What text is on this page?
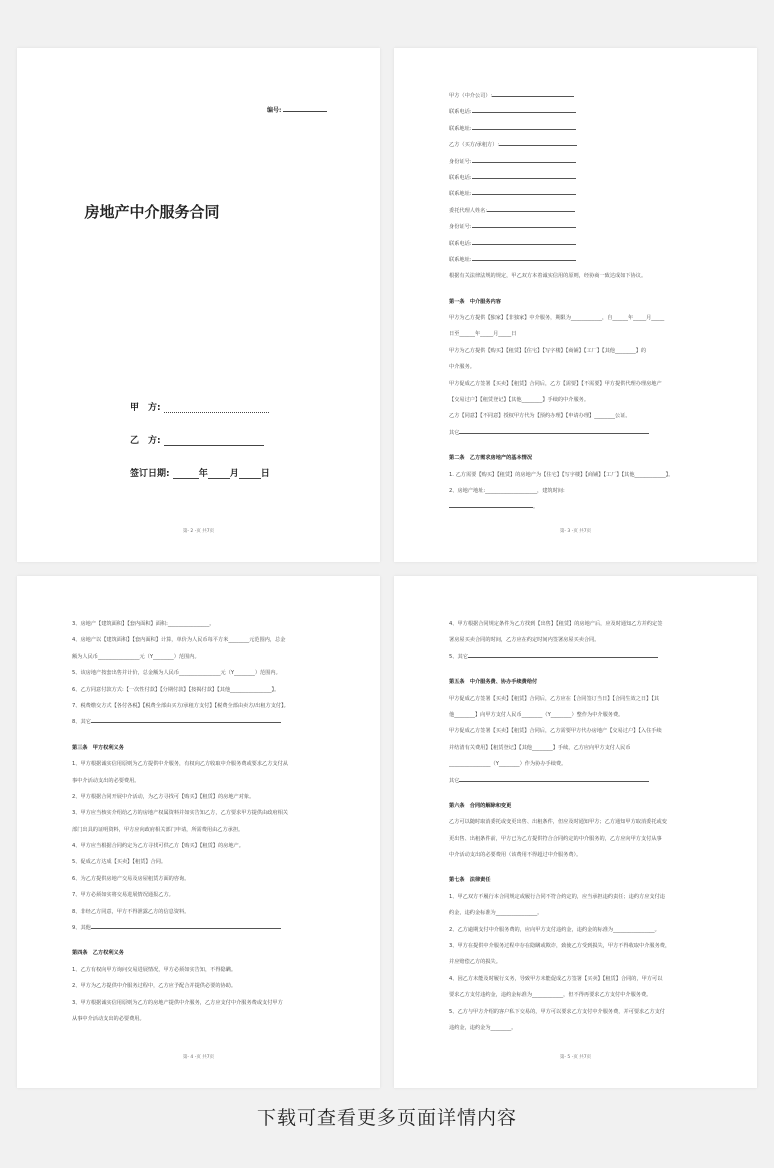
编号:
房地产中介服务合同
甲　方:
乙　方:
签订日期:	年 月 日
第- 2 -页 共7页
甲方（中介公司）:
联系电话:
联系地址:
乙方（买方/承租方）:
身份证号:
联系电话:
联系地址:
委托代理人姓名:
身份证号:
联系电话:
联系地址:
根据有关法律法规的规定，甲乙双方本着诚实信用的原则，经协商一致达成如下协议。
第一条　中介服务内容
甲方为乙方提供【独家】【非独家】中介服务，期限为____________，自______年_____月_____
日至______年_____月_____日
甲方为乙方提供【购买】【租赁】【住宅】【写字楼】【商铺】【工厂】【其他________】的
中介服务。
甲方促成乙方签署【买卖】【租赁】合同后，乙方【需要】【不需要】甲方提供代理办理房地产
【交易过户】【租赁登记】【其他________】手续的中介服务。
乙方【同意】【不同意】授权甲方代为【预约办理】【申请办理】________公证。
其它
第二条　乙方需求房地产的基本情况
1. 乙方需要【购买】【租赁】的房地产为【住宅】【写字楼】【商铺】【工厂】【其他____________】。
2、房地产地址:____________________，建筑时间:
。
第- 3 -页 共7页
3、房地产【建筑面积】【套内面积】面积:________________。
4、房地产以【建筑面积】【套内面积】计算，单价为人民币每平方米________元范围内，总金
额为人民币________________元（Y________）范围内。
5、该房地产按套出售并计价，总金额为人民币________________元（Y________）范围内。
6、乙方同意付款方式:【一次性付款】【分期付款】【按揭付款】【其他________________】。
7、税费缴交方式【各付各税】【税费全部由买方/承租方支付】【税费全部由卖方/出租方支付】。
8、其它
第三条　甲方权利义务
1、甲方根据诚实信用原则为乙方提供中介服务，有权向乙方收取中介服务费或要求乙方支付从
事中介活动支出的必要费用。
2、甲方根据合同开展中介活动，为乙方寻找可【购买】【租赁】的房地产对象。
3、甲方应当核实介绍给乙方的房地产权属资料并如实告知乙方，乙方要求甲方提供由政府相关
部门出具的证明资料，甲方应向政府相关部门申请，所需费用由乙方承担。
4、甲方应当根据合同约定为乙方寻找可供乙方【购买】【租赁】的房地产。
5、促成乙方达成【买卖】【租赁】合同。
6、为乙方提供房地产交易及房屋租赁方面的咨询。
7、甲方必须如实将交易进展情况通报乙方。
8、非经乙方同意，甲方不得泄露乙方的信息资料。
9、其他
第四条　乙方权利义务
1、乙方有权向甲方询问交易进展情况，甲方必须如实告知，不得隐瞒。
2、甲方为乙方提供中介服务过程中，乙方应予配合并提供必要的协助。
3、甲方根据诚实信用原则为乙方的房地产提供中介服务，乙方应支付中介服务费或支付甲方
从事中介活动支出的必要费用。
第- 4 -页 共7页
4、甲方根据合同规定条件为乙方找到【出售】【租赁】的房地产后，应及时通知乙方并约定签
署房屋买卖合同的时间，乙方应在约定时间内签署房屋买卖合同。
5、其它
第五条　中介服务费、协办手续费给付
甲方促成乙方签署【买卖】【租赁】合同后，乙方应在【合同签订当日】【合同生效之日】【其
他________】向甲方支付人民币________（Y________）整作为中介服务费。
甲方促成乙方签署【买卖】【租赁】合同后，乙方需要甲方代办房地产【交易过户】【入住手续
并结清有关费用】【租赁登记】【其他________】手续，乙方应向甲方支付人民币
________________（Y________）作为协办手续费。
其它
第六条　合同的解除和变更
乙方可以随时取消委托或变更出售、出租条件，但应及时通知甲方；乙方通知甲方取消委托或变
更出售、出租条件前，甲方已为乙方提供符合合同约定的中介服务的，乙方应向甲方支付从事
中介活动支出的必要费用（该费用不得超过中介服务费）。
第七条　法律责任
1、甲乙双方不履行本合同规定或履行合同不符合约定的，应当承担违约责任；违约方应支付违
约金，违约金标准为________________。
2、乙方逾期支付中介服务费的，应向甲方支付违约金，违约金的标准为________________。
3、甲方在提供中介服务过程中存在隐瞒或欺诈，致使乙方受到损失，甲方不得收取中介服务费，
并应赔偿乙方的损失。
4、因乙方未能及时履行义务，导致甲方未能促成乙方签署【买卖】【租赁】合同的，甲方可以
要求乙方支付违约金，违约金标准为____________，但不得再要求乙方支付中介服务费。
5、乙方与甲方介绍的客户私下交易的，甲方可以要求乙方支付中介服务费，并可要求乙方支付
违约金，违约金为________。
第- 5 -页 共7页
下载可查看更多页面详情内容
